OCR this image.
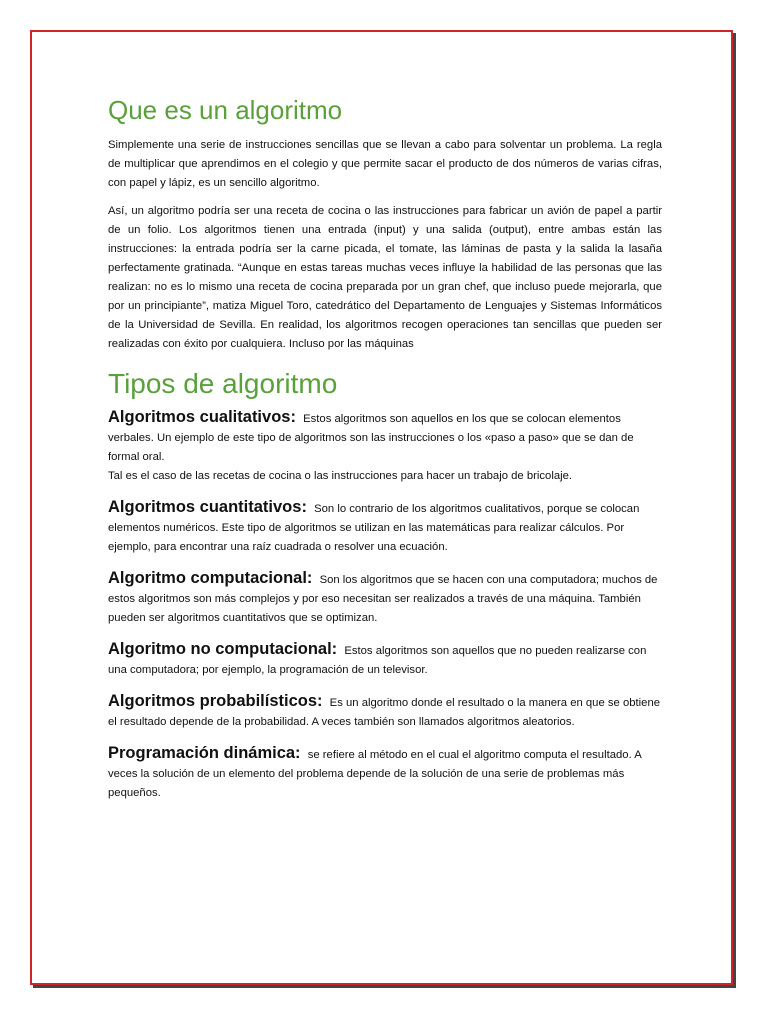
Que es un algoritmo

Simplemente una serie de instrucciones sencillas que se llevan a cabo para solventar un problema. La regla de multiplicar que aprendimos en el colegio y que permite sacar el producto de dos números de varias cifras, con papel y lápiz, es un sencillo algoritmo.

Así, un algoritmo podría ser una receta de cocina o las instrucciones para fabricar un avión de papel a partir de un folio. Los algoritmos tienen una entrada (input) y una salida (output), entre ambas están las instrucciones: la entrada podría ser la carne picada, el tomate, las láminas de pasta y la salida la lasaña perfectamente gratinada. “Aunque en estas tareas muchas veces influye la habilidad de las personas que las realizan: no es lo mismo una receta de cocina preparada por un gran chef, que incluso puede mejorarla, que por un principiante”, matiza Miguel Toro, catedrático del Departamento de Lenguajes y Sistemas Informáticos de la Universidad de Sevilla. En realidad, los algoritmos recogen operaciones tan sencillas que pueden ser realizadas con éxito por cualquiera. Incluso por las máquinas

Tipos de algoritmo

Algoritmos cualitativos: Estos algoritmos son aquellos en los que se colocan elementos verbales. Un ejemplo de este tipo de algoritmos son las instrucciones o los «paso a paso» que se dan de formal oral.

Tal es el caso de las recetas de cocina o las instrucciones para hacer un trabajo de bricolaje.

Algoritmos cuantitativos: Son lo contrario de los algoritmos cualitativos, porque se colocan elementos numéricos. Este tipo de algoritmos se utilizan en las matemáticas para realizar cálculos. Por ejemplo, para encontrar una raíz cuadrada o resolver una ecuación.

Algoritmo computacional: Son los algoritmos que se hacen con una computadora; muchos de estos algoritmos son más complejos y por eso necesitan ser realizados a través de una máquina. También pueden ser algoritmos cuantitativos que se optimizan.

Algoritmo no computacional: Estos algoritmos son aquellos que no pueden realizarse con una computadora; por ejemplo, la programación de un televisor.

Algoritmos probabilísticos: Es un algoritmo donde el resultado o la manera en que se obtiene el resultado depende de la probabilidad. A veces también son llamados algoritmos aleatorios.

Programación dinámica: se refiere al método en el cual el algoritmo computa el resultado. A veces la solución de un elemento del problema depende de la solución de una serie de problemas más pequeños.
